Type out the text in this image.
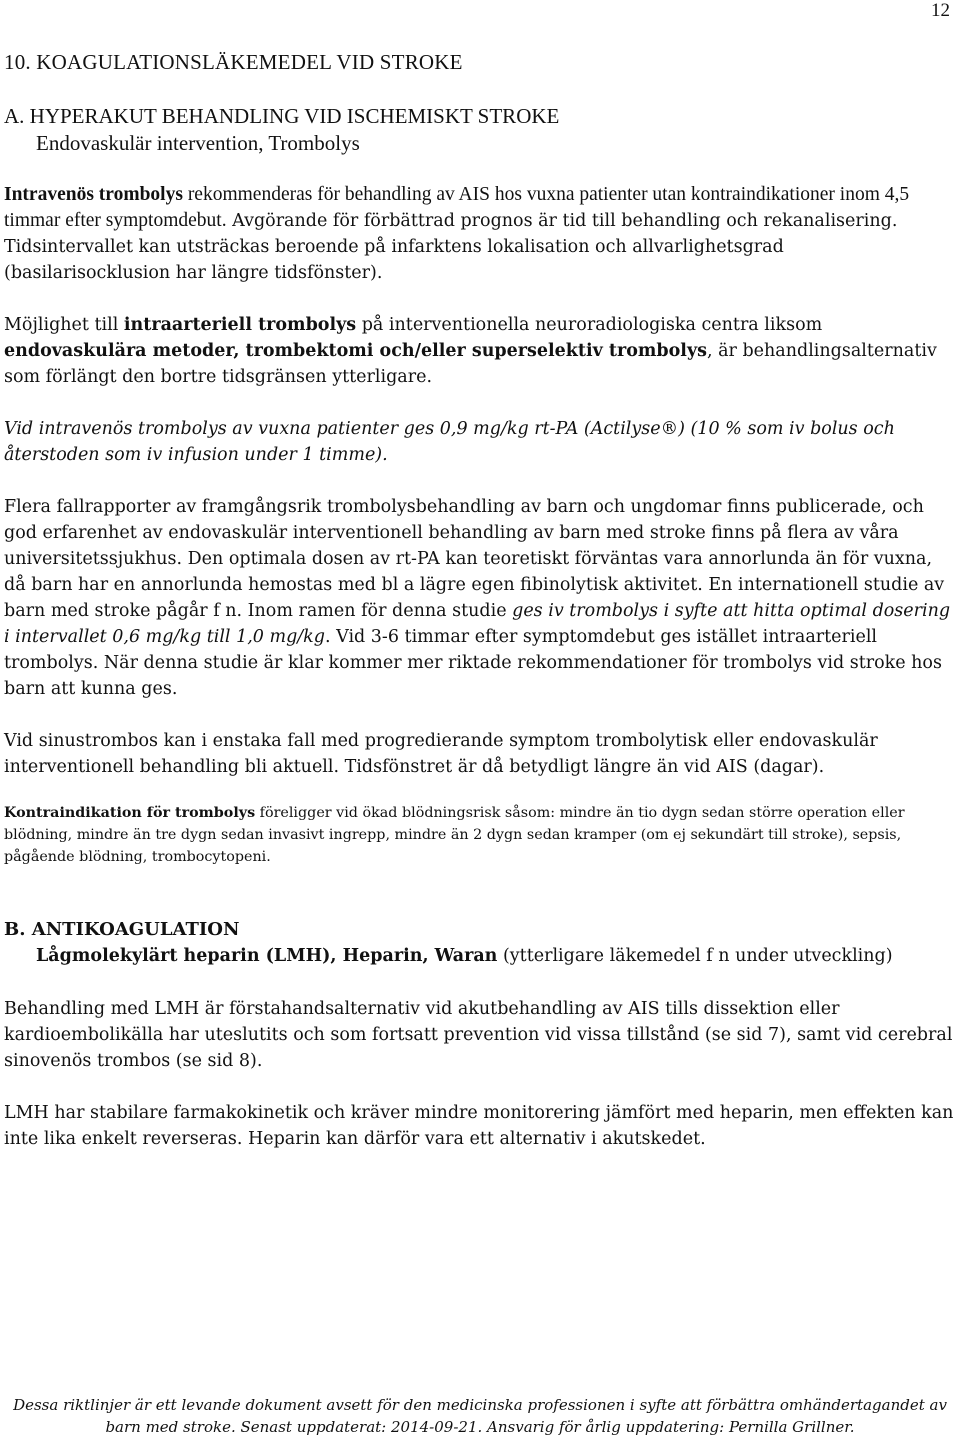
12
10. KOAGULATIONSLÄKEMEDEL VID STROKE
A. HYPERAKUT BEHANDLING VID ISCHEMISKT STROKE
Endovaskulär intervention, Trombolys

Intravenös trombolys rekommenderas för behandling av AIS hos vuxna patienter utan kontraindikationer inom 4,5 timmar efter symptomdebut. Avgörande för förbättrad prognos är tid till behandling och rekanalisering. Tidsintervallet kan utsträckas beroende på infarktens lokalisation och allvarlighetsgrad (basilarisocklusion har längre tidsfönster).

Möjlighet till intraarteriell trombolys på interventionella neuroradiologiska centra liksom endovaskulära metoder, trombektomi och/eller superselektiv trombolys, är behandlingsalternativ som förlängt den bortre tidsgränsen ytterligare.

Vid intravenös trombolys av vuxna patienter ges 0,9 mg/kg rt-PA (Actilyse®) (10 % som iv bolus och återstoden som iv infusion under 1 timme).

Flera fallrapporter av framgångsrik trombolysbehandling av barn och ungdomar finns publicerade, och god erfarenhet av endovaskulär interventionell behandling av barn med stroke finns på flera av våra universitetssjukhus. Den optimala dosen av rt-PA kan teoretiskt förväntas vara annorlunda än för vuxna, då barn har en annorlunda hemostas med bl a lägre egen fibinolytisk aktivitet. En internationell studie av barn med stroke pågår f n. Inom ramen för denna studie ges iv trombolys i syfte att hitta optimal dosering i intervallet 0,6 mg/kg till 1,0 mg/kg. Vid 3-6 timmar efter symptomdebut ges istället intraarteriell trombolys. När denna studie är klar kommer mer riktade rekommendationer för trombolys vid stroke hos barn att kunna ges.

Vid sinustrombos kan i enstaka fall med progredierande symptom trombolytisk eller endovaskulär interventionell behandling bli aktuell. Tidsfönstret är då betydligt längre än vid AIS (dagar).

Kontraindikation för trombolys föreligger vid ökad blödningsrisk såsom: mindre än tio dygn sedan större operation eller blödning, mindre än tre dygn sedan invasivt ingrepp, mindre än 2 dygn sedan kramper (om ej sekundärt till stroke), sepsis, pågående blödning, trombocytopeni.

B. ANTIKOAGULATION
Lågmolekylärt heparin (LMH), Heparin, Waran (ytterligare läkemedel f n under utveckling)

Behandling med LMH är förstahandsalternativ vid akutbehandling av AIS tills dissektion eller kardioembolikälla har uteslutits och som fortsatt prevention vid vissa tillstånd (se sid 7), samt vid cerebral sinovenös trombos (se sid 8).

LMH har stabilare farmakokinetik och kräver mindre monitorering jämfört med heparin, men effekten kan inte lika enkelt reverseras. Heparin kan därför vara ett alternativ i akutskedet.

Dessa riktlinjer är ett levande dokument avsett för den medicinska professionen i syfte att förbättra omhändertagandet av
barn med stroke. Senast uppdaterat: 2014-09-21. Ansvarig för årlig uppdatering: Pernilla Grillner.
